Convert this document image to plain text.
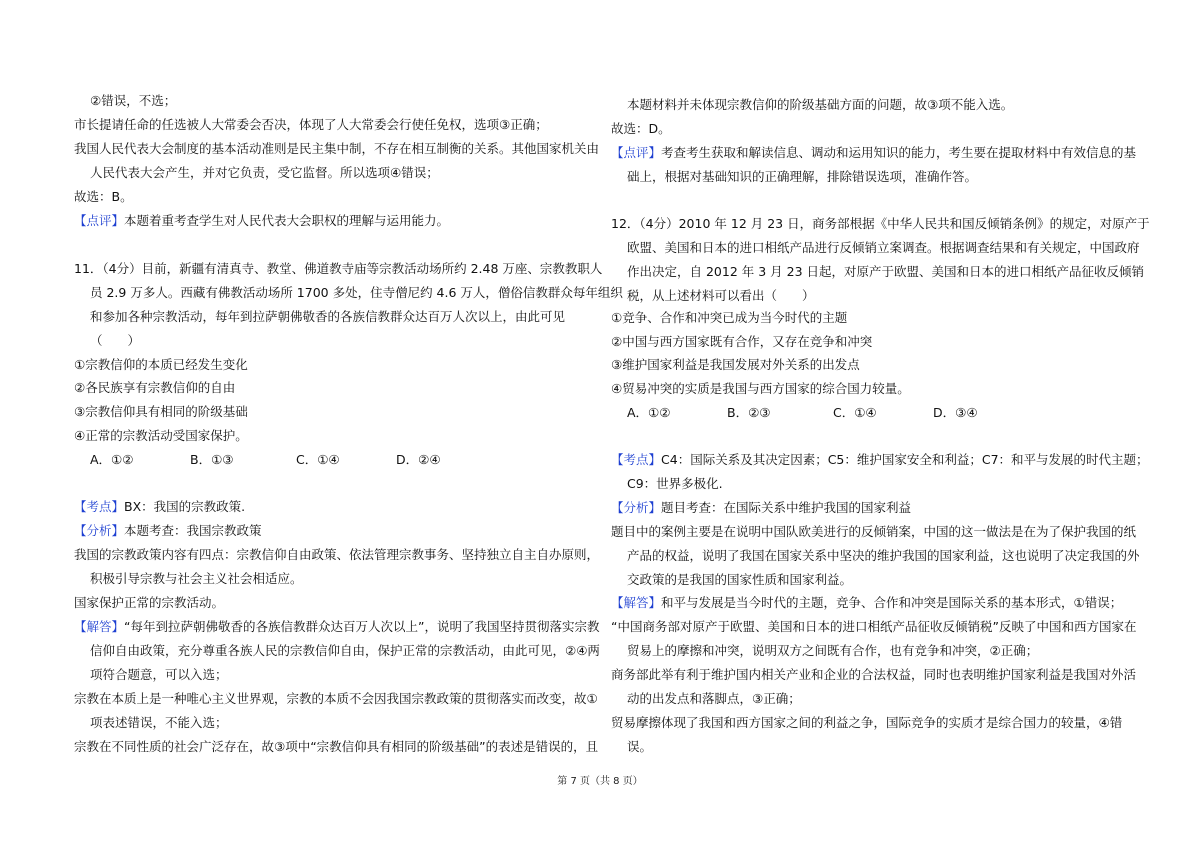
②错误，不选；
市长提请任命的任选被人大常委会否决，体现了人大常委会行使任免权，选项③正确；
我国人民代表大会制度的基本活动准则是民主集中制，不存在相互制衡的关系。其他国家机关由
人民代表大会产生，并对它负责，受它监督。所以选项④错误；
故选：B。
【点评】本题着重考查学生对人民代表大会职权的理解与运用能力。
11．（4分）目前，新疆有清真寺、教堂、佛道教寺庙等宗教活动场所约 2.48 万座、宗教教职人
员 2.9 万多人。西藏有佛教活动场所 1700 多处，住寺僧尼约 4.6 万人，僧俗信教群众每年组织
和参加各种宗教活动，每年到拉萨朝佛敬香的各族信教群众达百万人次以上，由此可见
（　　）
①宗教信仰的本质已经发生变化
②各民族享有宗教信仰的自由
③宗教信仰具有相同的阶级基础
④正常的宗教活动受国家保护。
A．①②	B．①③	C．①④	D．②④
【考点】BX：我国的宗教政策.
【分析】本题考查：我国宗教政策
我国的宗教政策内容有四点：宗教信仰自由政策、依法管理宗教事务、坚持独立自主自办原则，
积极引导宗教与社会主义社会相适应。
国家保护正常的宗教活动。
【解答】“每年到拉萨朝佛敬香的各族信教群众达百万人次以上”，说明了我国坚持贯彻落实宗教
信仰自由政策，充分尊重各族人民的宗教信仰自由，保护正常的宗教活动，由此可见，②④两
项符合题意，可以入选；
宗教在本质上是一种唯心主义世界观，宗教的本质不会因我国宗教政策的贯彻落实而改变，故①
项表述错误，不能入选；
宗教在不同性质的社会广泛存在，故③项中“宗教信仰具有相同的阶级基础”的表述是错误的，且
本题材料并未体现宗教信仰的阶级基础方面的问题，故③项不能入选。
故选：D。
【点评】考查考生获取和解读信息、调动和运用知识的能力，考生要在提取材料中有效信息的基
础上，根据对基础知识的正确理解，排除错误选项，准确作答。
12．（4分）2010 年 12 月 23 日，商务部根据《中华人民共和国反倾销条例》的规定，对原产于
欧盟、美国和日本的进口相纸产品进行反倾销立案调查。根据调查结果和有关规定，中国政府
作出决定，自 2012 年 3 月 23 日起，对原产于欧盟、美国和日本的进口相纸产品征收反倾销
税，从上述材料可以看出（　　）
①竞争、合作和冲突已成为当今时代的主题
②中国与西方国家既有合作，又存在竞争和冲突
③维护国家利益是我国发展对外关系的出发点
④贸易冲突的实质是我国与西方国家的综合国力较量。
A．①②	B．②③	C．①④	D．③④
【考点】C4：国际关系及其决定因素；C5：维护国家安全和利益；C7：和平与发展的时代主题；
C9：世界多极化.
【分析】题目考查：在国际关系中维护我国的国家利益
题目中的案例主要是在说明中国队欧美进行的反倾销案，中国的这一做法是在为了保护我国的纸
产品的权益，说明了我国在国家关系中坚决的维护我国的国家利益，这也说明了决定我国的外
交政策的是我国的国家性质和国家利益。
【解答】和平与发展是当今时代的主题，竞争、合作和冲突是国际关系的基本形式，①错误；
“中国商务部对原产于欧盟、美国和日本的进口相纸产品征收反倾销税”反映了中国和西方国家在
贸易上的摩擦和冲突，说明双方之间既有合作，也有竞争和冲突，②正确；
商务部此举有利于维护国内相关产业和企业的合法权益，同时也表明维护国家利益是我国对外活
动的出发点和落脚点，③正确；
贸易摩擦体现了我国和西方国家之间的利益之争，国际竞争的实质才是综合国力的较量，④错
误。
第 7 页（共 8 页）
